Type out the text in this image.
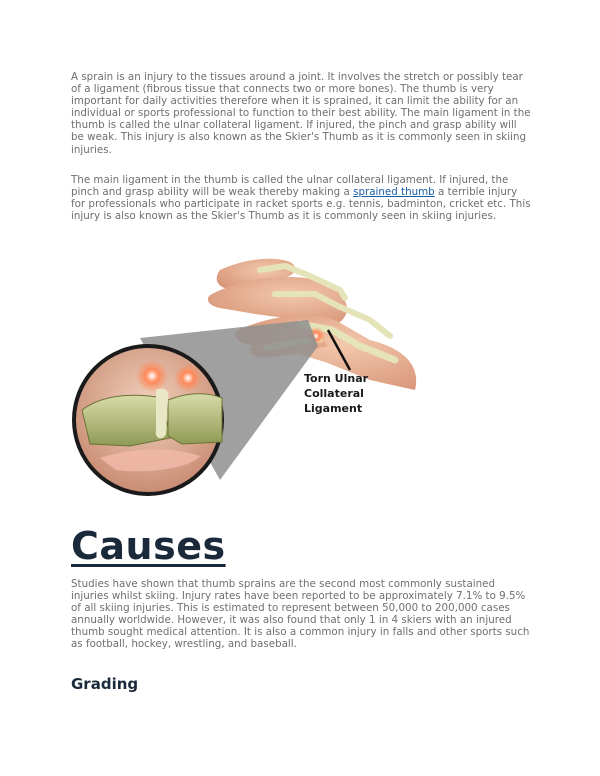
A sprain is an injury to the tissues around a joint. It involves the stretch or possibly tear of a ligament (fibrous tissue that connects two or more bones). The thumb is very important for daily activities therefore when it is sprained, it can limit the ability for an individual or sports professional to function to their best ability. The main ligament in the thumb is called the ulnar collateral ligament. If injured, the pinch and grasp ability will be weak. This injury is also known as the Skier's Thumb as it is commonly seen in skiing injuries.

The main ligament in the thumb is called the ulnar collateral ligament. If injured, the pinch and grasp ability will be weak thereby making a sprained thumb a terrible injury for professionals who participate in racket sports e.g. tennis, badminton, cricket etc. This injury is also known as the Skier's Thumb as it is commonly seen in skiing injuries.

Torn Ulnar
Collateral
Ligament
Causes

Studies have shown that thumb sprains are the second most commonly sustained injuries whilst skiing. Injury rates have been reported to be approximately 7.1% to 9.5% of all skiing injuries. This is estimated to represent between 50,000 to 200,000 cases annually worldwide. However, it was also found that only 1 in 4 skiers with an injured thumb sought medical attention. It is also a common injury in falls and other sports such as football, hockey, wrestling, and baseball.

Grading
